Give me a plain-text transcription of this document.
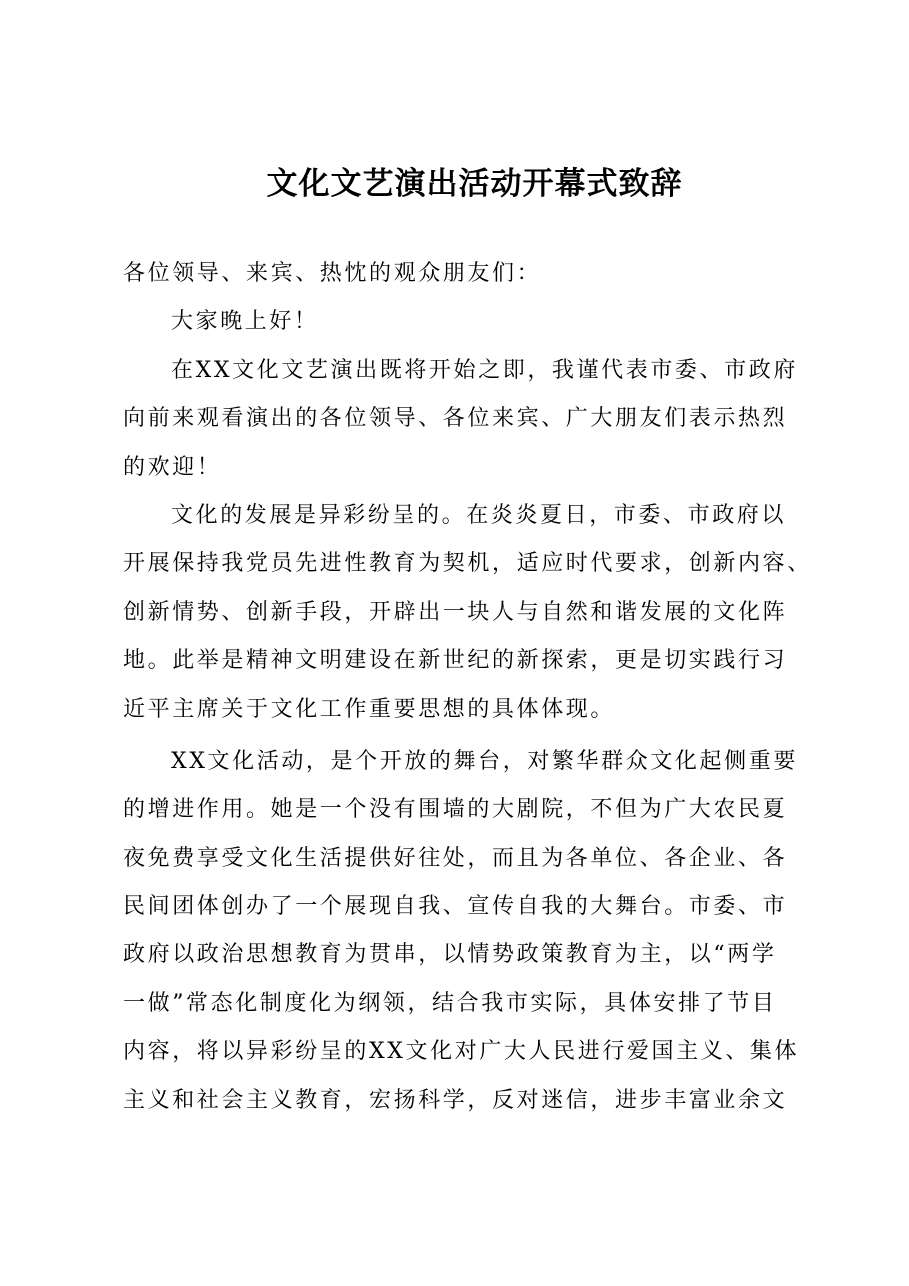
文化文艺演出活动开幕式致辞
各位领导、来宾、热忱的观众朋友们：
大家晚上好！
在XX文化文艺演出既将开始之即，我谨代表市委、市政府
向前来观看演出的各位领导、各位来宾、广大朋友们表示热烈
的欢迎！
文化的发展是异彩纷呈的。在炎炎夏日，市委、市政府以
开展保持我党员先进性教育为契机，适应时代要求，创新内容、
创新情势、创新手段，开辟出一块人与自然和谐发展的文化阵
地。此举是精神文明建设在新世纪的新探索，更是切实践行习
近平主席关于文化工作重要思想的具体体现。
XX文化活动，是个开放的舞台，对繁华群众文化起侧重要
的增进作用。她是一个没有围墙的大剧院，不但为广大农民夏
夜免费享受文化生活提供好往处，而且为各单位、各企业、各
民间团体创办了一个展现自我、宣传自我的大舞台。市委、市
政府以政治思想教育为贯串，以情势政策教育为主，以“两学
一做”常态化制度化为纲领，结合我市实际，具体安排了节目
内容，将以异彩纷呈的XX文化对广大人民进行爱国主义、集体
主义和社会主义教育，宏扬科学，反对迷信，进步丰富业余文
